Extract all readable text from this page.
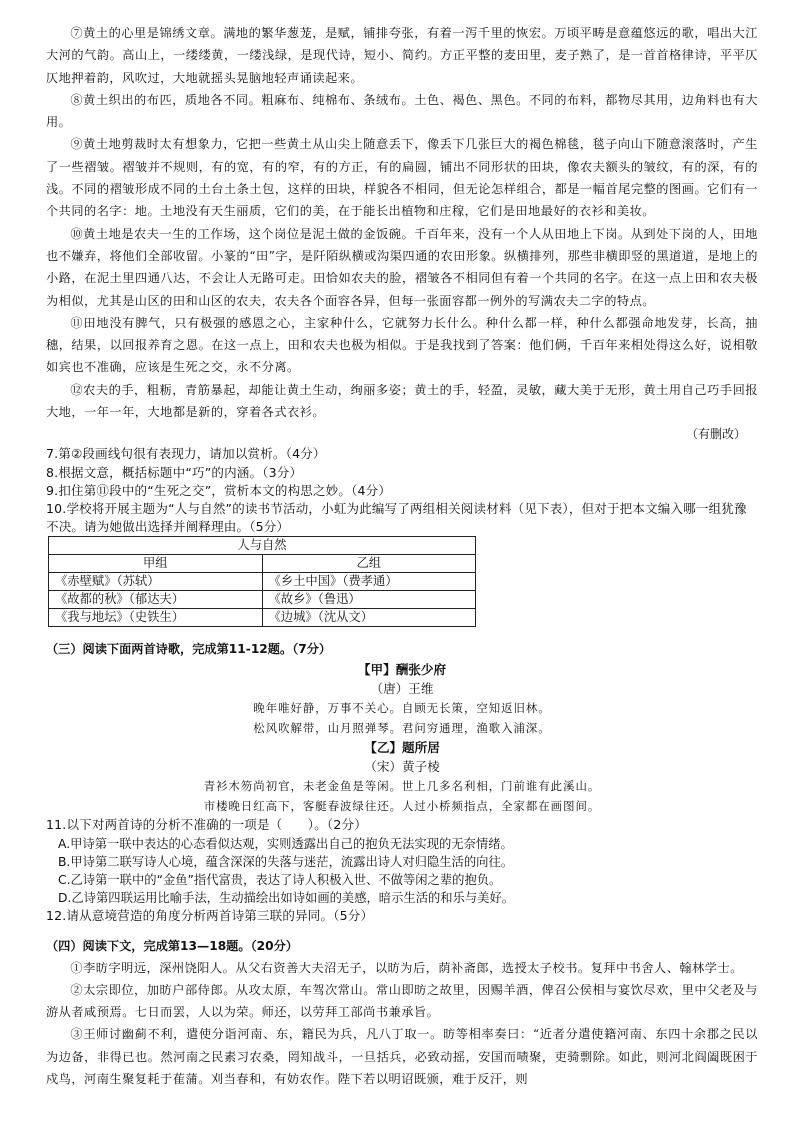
⑦黄土的心里是锦绣文章。满地的繁华葱茏，是赋，铺排夸张，有着一泻千里的恢宏。万顷平畴是意蕴悠远的歌，唱出大江大河的气韵。高山上，一缕缕黄，一缕浅绿，是现代诗，短小、简约。方正平整的麦田里，麦子熟了，是一首首格律诗，平平仄仄地押着韵，风吹过，大地就摇头晃脑地轻声诵读起来。

⑧黄土织出的布匹，质地各不同。粗麻布、纯棉布、条绒布。土色、褐色、黑色。不同的布料，都物尽其用，边角料也有大用。

⑨黄土地剪裁时太有想象力，它把一些黄土从山尖上随意丢下，像丢下几张巨大的褐色棉毯，毯子向山下随意滚落时，产生了一些褶皱。褶皱并不规则，有的宽，有的窄，有的方正，有的扁圆，铺出不同形状的田块，像农夫额头的皱纹，有的深，有的浅。不同的褶皱形成不同的土台土条土包，这样的田块，样貌各不相同，但无论怎样组合，都是一幅首尾完整的图画。它们有一个共同的名字：地。土地没有天生丽质，它们的美，在于能长出植物和庄稼，它们是田地最好的衣衫和美妆。

⑩黄土地是农夫一生的工作场，这个岗位是泥土做的金饭碗。千百年来，没有一个人从田地上下岗。从到处下岗的人，田地也不嫌弃，将他们全部收留。小篆的“田”字，是阡陌纵横或沟渠四通的农田形象。纵横排列，那些非横即竖的黑道道，是地上的小路，在泥土里四通八达，不会让人无路可走。田恰如农夫的脸，褶皱各不相同但有着一个共同的名字。在这一点上田和农夫极为相似，尤其是山区的田和山区的农夫，农夫各个面容各异，但每一张面容都一例外的写满农夫二字的特点。

⑪田地没有脾气，只有极强的感恩之心，主家种什么，它就努力长什么。种什么都一样，种什么都强命地发芽，长高，抽穗，结果，以回报养育之恩。在这一点上，田和农夫也极为相似。于是我找到了答案：他们俩，千百年来相处得这么好，说相敬如宾也不准确，应该是生死之交，永不分离。

⑫农夫的手，粗粝，青筋暴起，却能让黄土生动，绚丽多姿；黄土的手，轻盈，灵敏，藏大美于无形，黄土用自己巧手回报大地，一年一年，大地都是新的，穿着各式衣衫。

（有删改）

7.第②段画线句很有表现力，请加以赏析。（4分）

8.根据文意，概括标题中“巧”的内涵。（3分）

9.扣住第⑪段中的“生死之交”，赏析本文的构思之妙。（4分）

10.学校将开展主题为“人与自然”的读书节活动，小虹为此编写了两组相关阅读材料（见下表），但对于把本文编入哪一组犹豫不决。请为她做出选择并阐释理由。（5分）

人与自然	
甲组	乙组
《赤壁赋》（苏轼）	《乡土中国》（费孝通）
《故都的秋》（郁达夫）	《故乡》（鲁迅）
《我与地坛》（史铁生）	《边城》（沈从文）

（三）阅读下面两首诗歌，完成第11-12题。（7分）

【甲】酬张少府

（唐）王维

晚年唯好静，万事不关心。自顾无长策，空知返旧林。

松风吹解带，山月照弹琴。君问穷通理，渔歌入浦深。

【乙】题所居

（宋）黄子棱

青衫木笏尚初官，未老金鱼是等闲。世上几多名利相，门前谁有此溪山。

市楼晚日红高下，客艇春波绿往还。人过小桥频指点，全家都在画图间。

11.以下对两首诗的分析不准确的一项是（　　）。（2分）

A.甲诗第一联中表达的心态看似达观，实则透露出自己的抱负无法实现的无奈情绪。

B.甲诗第二联写诗人心境，蕴含深深的失落与迷茫，流露出诗人对归隐生活的向往。

C.乙诗第一联中的“金鱼”指代富贵，表达了诗人积极入世、不做等闲之辈的抱负。

D.乙诗第四联运用比喻手法，生动描绘出如诗如画的美感，暗示生活的和乐与美好。

12.请从意境营造的角度分析两首诗第三联的异同。（5分）

（四）阅读下文，完成第13—18题。（20分）

①李昉字明远，深州饶阳人。从父右资善大夫沼无子，以昉为后，荫补斋郎，选授太子校书。复拜中书舍人、翰林学士。

②太宗即位，加昉户部侍郎。从攻太原，车驾次常山。常山即昉之故里，因赐羊酒，俾召公侯相与宴饮尽欢，里中父老及与游从者咸预焉。七日而罢，人以为荣。师还，以劳拜工部尚书兼承旨。

③王师讨幽蓟不利，遣使分诣河南、东，籍民为兵，凡八丁取一。昉等相率奏曰：“近者分遣使籍河南、东四十余郡之民以为边备，非得已也。然河南之民素习农桑，罔知战斗，一旦括兵，必致动摇，安国而啧聚，吏骑剽除。如此，则河北阎阖既困于戍鸟，河南生聚复耗于萑蒲。刈当春和，有妨农作。陛下若以明诏既颁，难于反汗，则
